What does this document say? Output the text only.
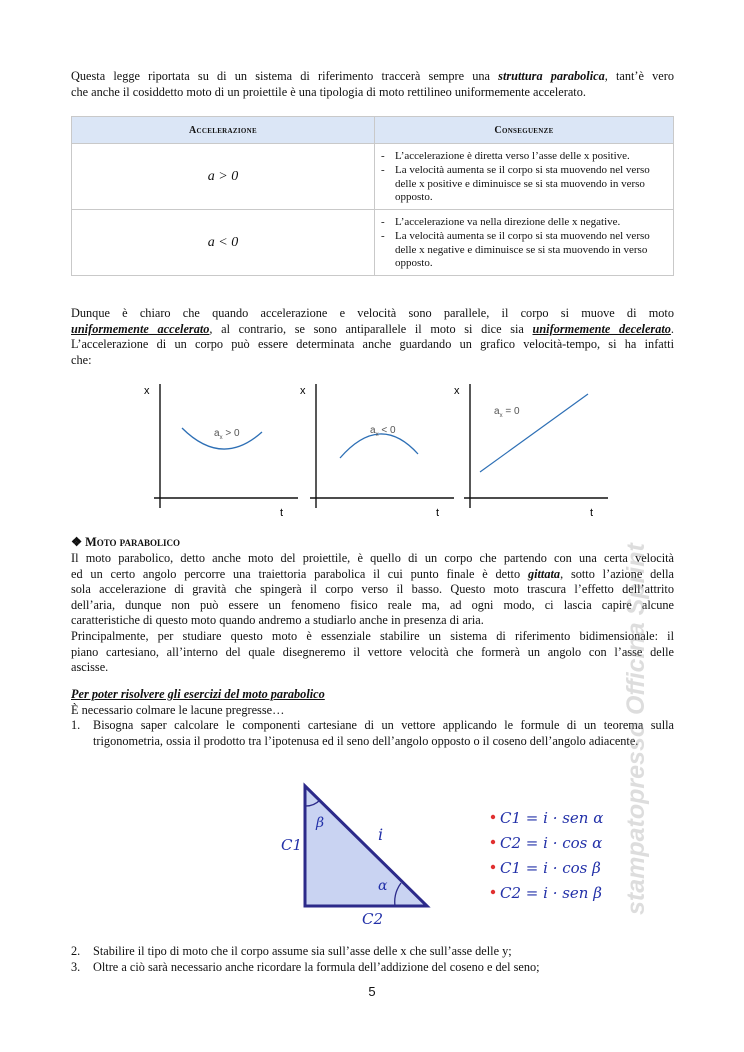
Questa legge riportata su di un sistema di riferimento traccerà sempre una struttura parabolica, tant’è vero
che anche il cosiddetto moto di un proiettile è una tipologia di moto rettilineo uniformemente accelerato.
Accelerazione	Conseguenze
a > 0	- L’accelerazione è diretta verso l’asse delle x positive.
- La velocità aumenta se il corpo si sta muovendo nel verso delle x positive e diminuisce se si sta muovendo in verso opposto.

a < 0	- L’accelerazione va nella direzione delle x negative.
- La velocità aumenta se il corpo si sta muovendo nel verso delle x negative e diminuisce se si sta muovendo in verso opposto.
Dunque è chiaro che quando accelerazione e velocità sono parallele, il corpo si muove di moto
uniformemente accelerato, al contrario, se sono antiparallele il moto si dice sia uniformemente decelerato.
L’accelerazione di un corpo può essere determinata anche guardando un grafico velocità-tempo, si ha infatti
che:
x
t
$a_x > 0$
x
t
$a_x < 0$
x
t
$a_x = 0$
❖ Moto parabolico
Il moto parabolico, detto anche moto del proiettile, è quello di un corpo che partendo con una certa velocità
ed un certo angolo percorre una traiettoria parabolica il cui punto finale è detto gittata, sotto l’azione della
sola accelerazione di gravità che spingerà il corpo verso il basso. Questo moto trascura l’effetto dell’attrito
dell’aria, dunque non può essere un fenomeno fisico reale ma, ad ogni modo, ci lascia capire alcune
caratteristiche di questo moto quando andremo a studiarlo anche in presenza di aria.
Principalmente, per studiare questo moto è essenziale stabilire un sistema di riferimento bidimensionale: il
piano cartesiano, all’interno del quale disegneremo il vettore velocità che formerà un angolo con l’asse delle
ascisse.
Per poter risolvere gli esercizi del moto parabolico
È necessario colmare le lacune pregresse…
1.	Bisogna saper calcolare le componenti cartesiane di un vettore applicando le formule di un teorema sulla trigonometria, ossia il prodotto tra l’ipotenusa ed il seno dell’angolo opposto o il coseno dell’angolo adiacente.
β
α
C1
i
C2
C1 = i · sen α
C2 = i · cos α
C1 = i · cos β
C2 = i · sen β
2.	Stabilire il tipo di moto che il corpo assume sia sull’asse delle x che sull’asse delle y;
3.	Oltre a ciò sarà necessario anche ricordare la formula dell’addizione del coseno e del seno;
stampatopresso Officina Sprint
5
